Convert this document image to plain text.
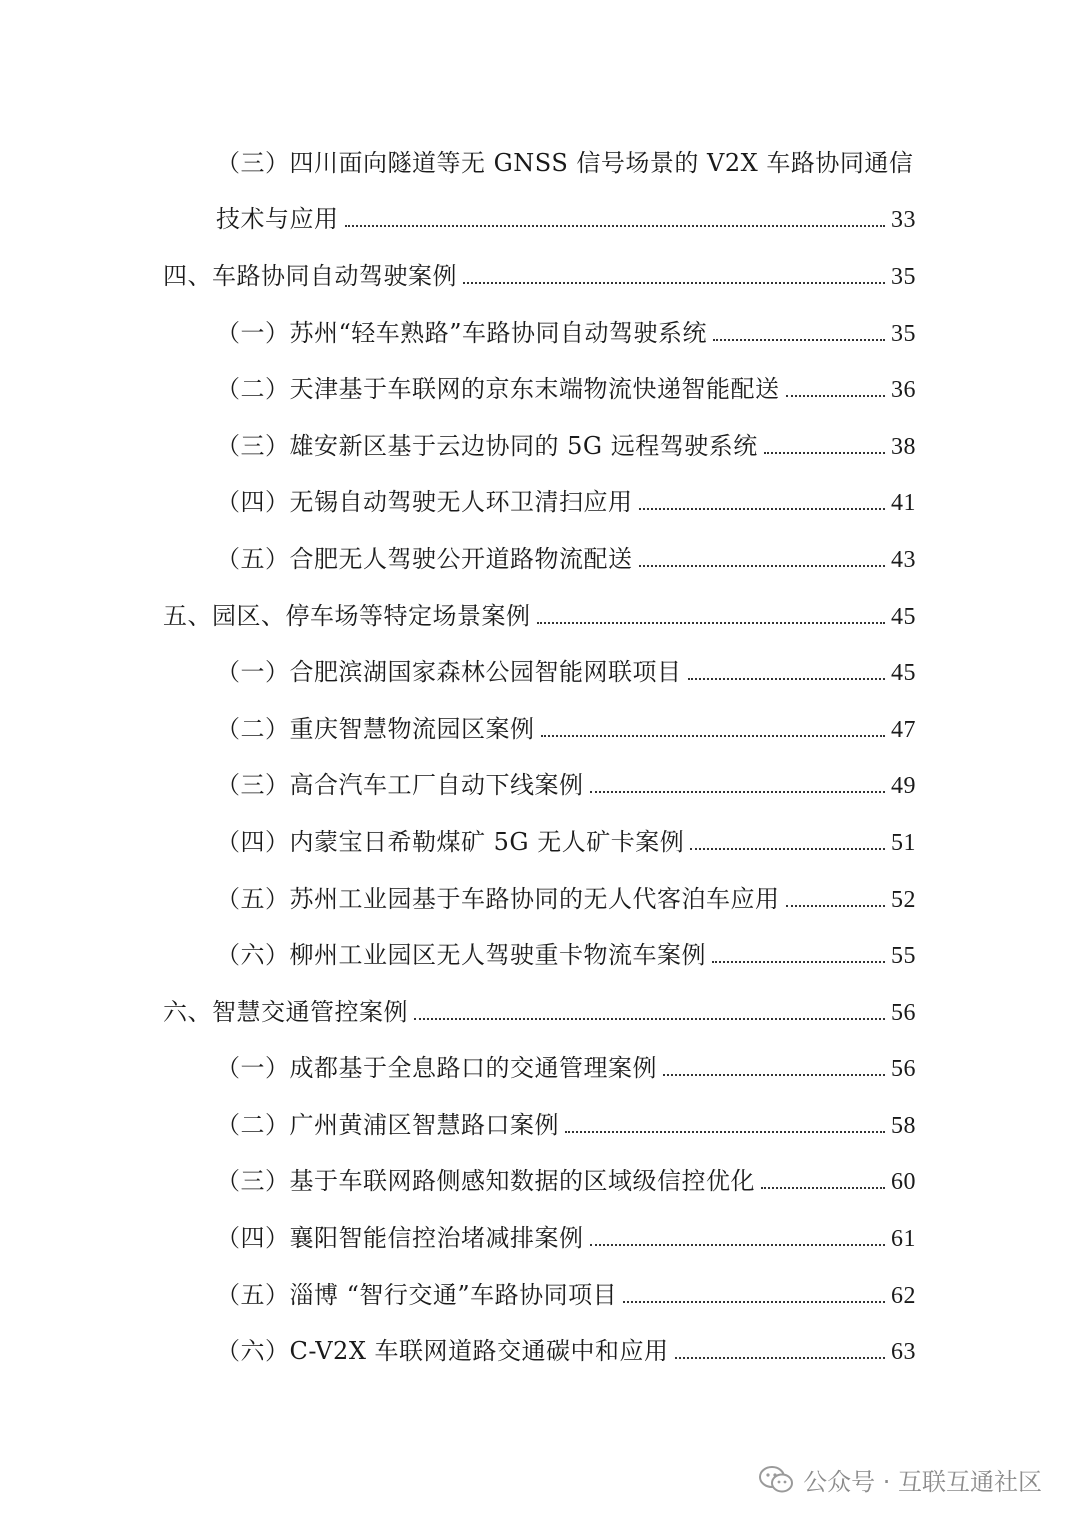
（三）四川面向隧道等无 GNSS 信号场景的 V2X 车路协同通信
技术与应用	33
四、车路协同自动驾驶案例	35
（一）苏州“轻车熟路”车路协同自动驾驶系统	35
（二）天津基于车联网的京东末端物流快递智能配送	36
（三）雄安新区基于云边协同的 5G 远程驾驶系统	38
（四）无锡自动驾驶无人环卫清扫应用	41
（五）合肥无人驾驶公开道路物流配送	43
五、园区、停车场等特定场景案例	45
（一）合肥滨湖国家森林公园智能网联项目	45
（二）重庆智慧物流园区案例	47
（三）高合汽车工厂自动下线案例	49
（四）内蒙宝日希勒煤矿 5G 无人矿卡案例	51
（五）苏州工业园基于车路协同的无人代客泊车应用	52
（六）柳州工业园区无人驾驶重卡物流车案例	55
六、智慧交通管控案例	56
（一）成都基于全息路口的交通管理案例	56
（二）广州黄浦区智慧路口案例	58
（三）基于车联网路侧感知数据的区域级信控优化	60
（四）襄阳智能信控治堵减排案例	61
（五）淄博 “智行交通”车路协同项目	62
（六）C-V2X 车联网道路交通碳中和应用	63
公众号 · 互联互通社区
